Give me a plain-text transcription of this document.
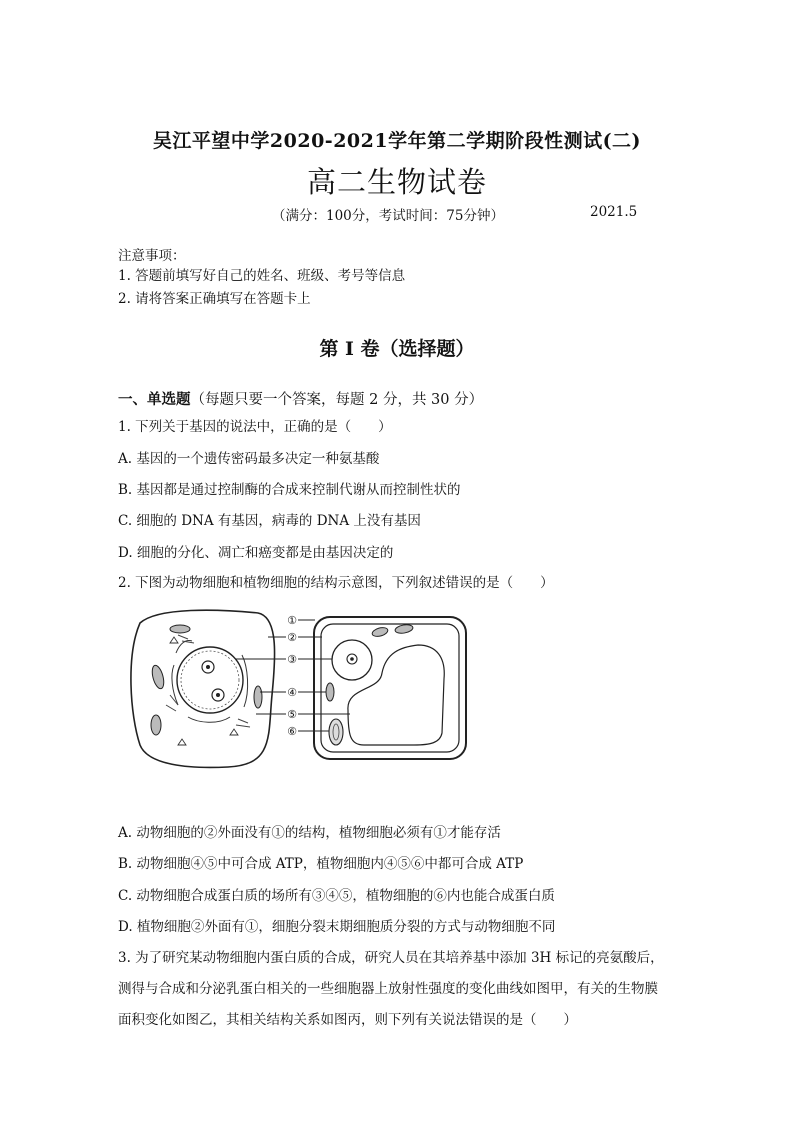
吴江平望中学2020-2021学年第二学期阶段性测试(二)
高二生物试卷
（满分：100分，考试时间：75分钟）	2021.5
注意事项：
1. 答题前填写好自己的姓名、班级、考号等信息
2. 请将答案正确填写在答题卡上
第 I 卷（选择题）
一、单选题（每题只要一个答案，每题 2 分，共 30 分）
1. 下列关于基因的说法中，正确的是（　　）
A. 基因的一个遗传密码最多决定一种氨基酸
B. 基因都是通过控制酶的合成来控制代谢从而控制性状的
C. 细胞的 DNA 有基因，病毒的 DNA 上没有基因
D. 细胞的分化、凋亡和癌变都是由基因决定的
2. 下图为动物细胞和植物细胞的结构示意图，下列叙述错误的是（　　）
①
②
③
④
⑤
⑥
A. 动物细胞的②外面没有①的结构，植物细胞必须有①才能存活
B. 动物细胞④⑤中可合成 ATP，植物细胞内④⑤⑥中都可合成 ATP
C. 动物细胞合成蛋白质的场所有③④⑤，植物细胞的⑥内也能合成蛋白质
D. 植物细胞②外面有①，细胞分裂末期细胞质分裂的方式与动物细胞不同
3. 为了研究某动物细胞内蛋白质的合成，研究人员在其培养基中添加 3H 标记的亮氨酸后，
测得与合成和分泌乳蛋白相关的一些细胞器上放射性强度的变化曲线如图甲，有关的生物膜
面积变化如图乙，其相关结构关系如图丙，则下列有关说法错误的是（　　）
